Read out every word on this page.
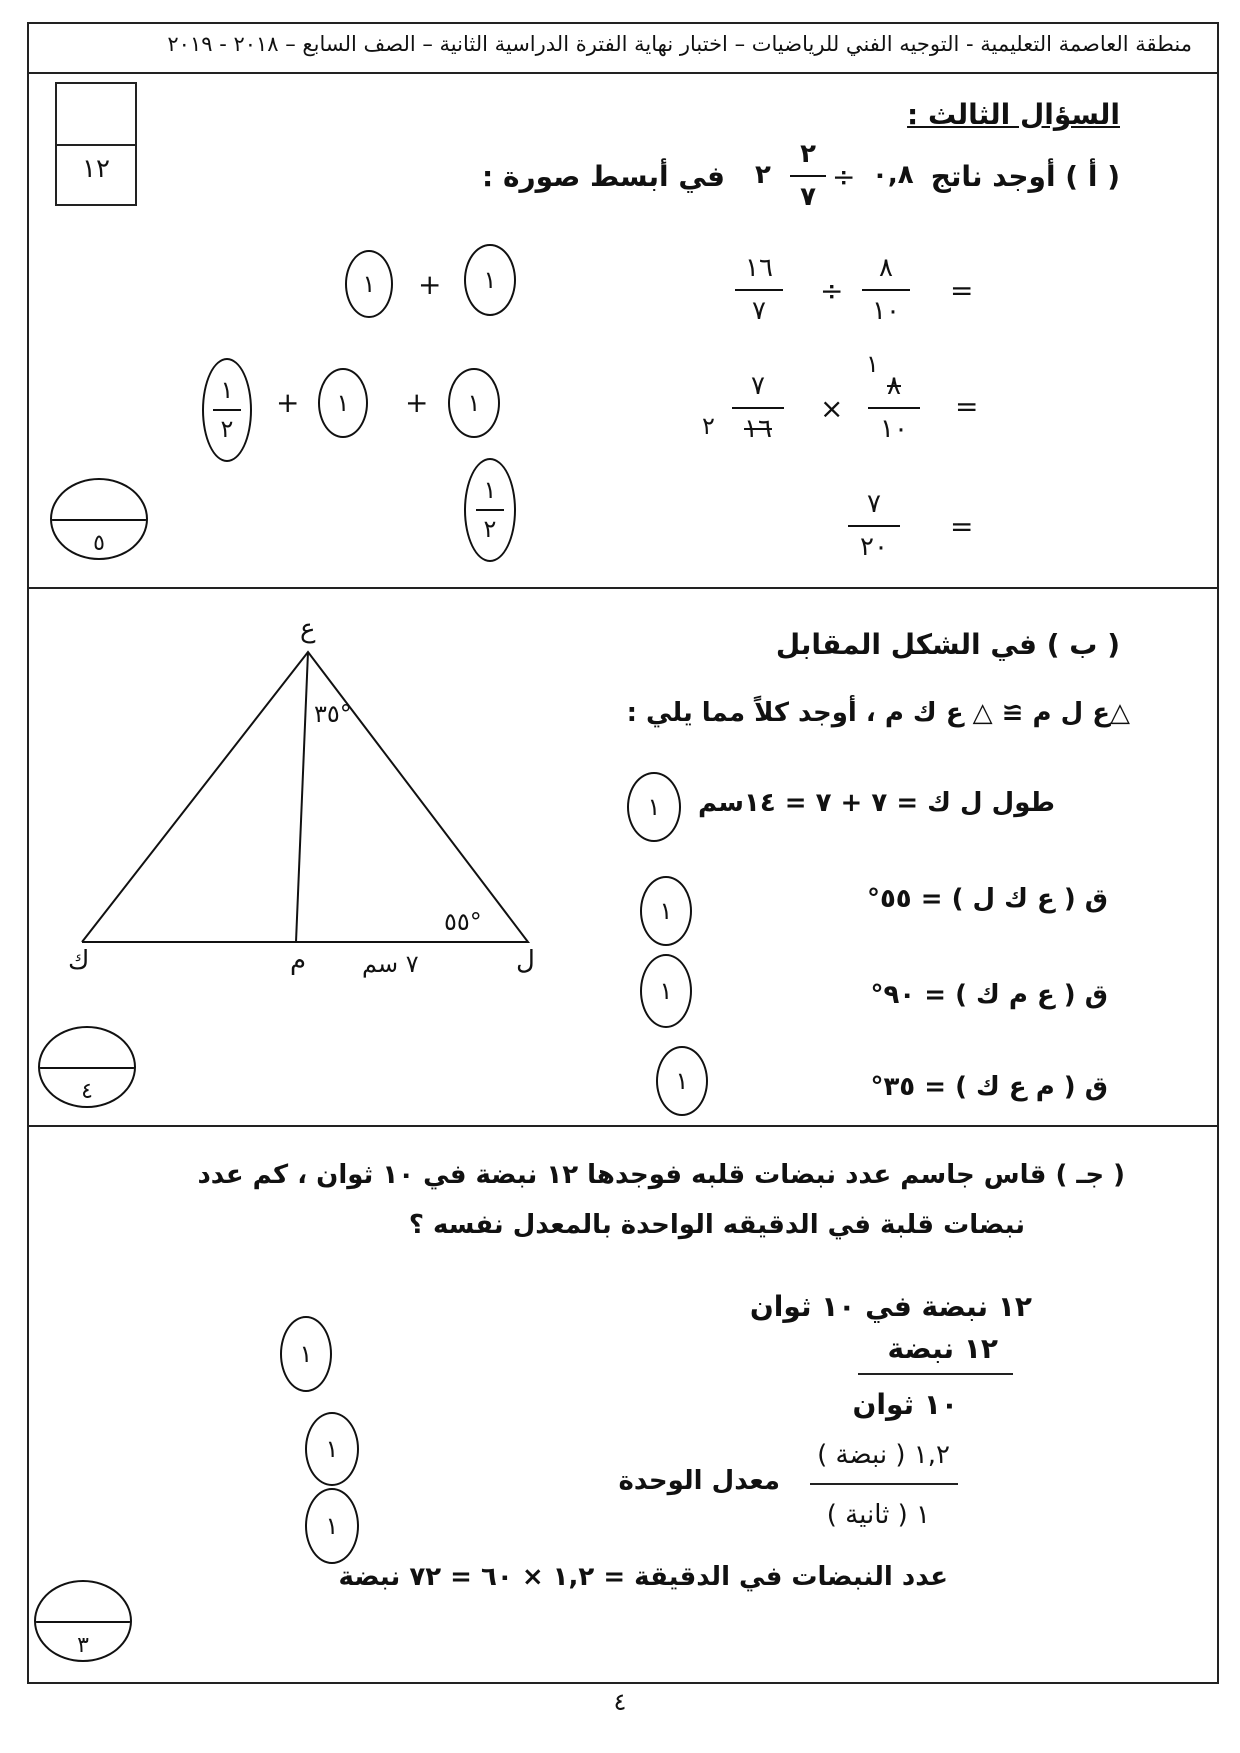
منطقة العاصمة التعليمية - التوجيه الفني للرياضيات – اختبار نهاية الفترة الدراسية الثانية – الصف السابع – ٢٠١٨ - ٢٠١٩
١٢
السؤال الثالث :
( أ ) أوجد ناتج
٠,٨
÷
٢
٧
٢
في أبسط صورة :
=
٨
١٠
÷
١٦
٧
=
١
٨
١٠
×
٧
١٦
٢
=
٧
٢٠
١	+	١
١
٢
+	١	+	١
١
٢
٥
( ب ) في الشكل المقابل
△ع ل م ≅ △ ع ك م ، أوجد كلاً مما يلي :
طول ل ك = ٧ + ٧ = ١٤سم
ق ( ع ك ل ) = ٥٥°
ق ( ع م ك ) = ٩٠°
ق ( م ع ك ) = ٣٥°
١
١
١
١
ع
ك	م	ل
٣٥°
٥٥°
٧ سم
٤
( جـ ) قاس جاسم عدد نبضات قلبه فوجدها ١٢ نبضة في ١٠ ثوان ، كم عدد
نبضات قلبة في الدقيقه الواحدة بالمعدل نفسه ؟
١٢ نبضة في ١٠ ثوان
١٢ نبضة
١٠ ثوان
معدل الوحدة
١,٢ ( نبضة )
١ ( ثانية )
عدد النبضات في الدقيقة = ١,٢ × ٦٠ = ٧٢ نبضة
١
١
١
٣
٤
